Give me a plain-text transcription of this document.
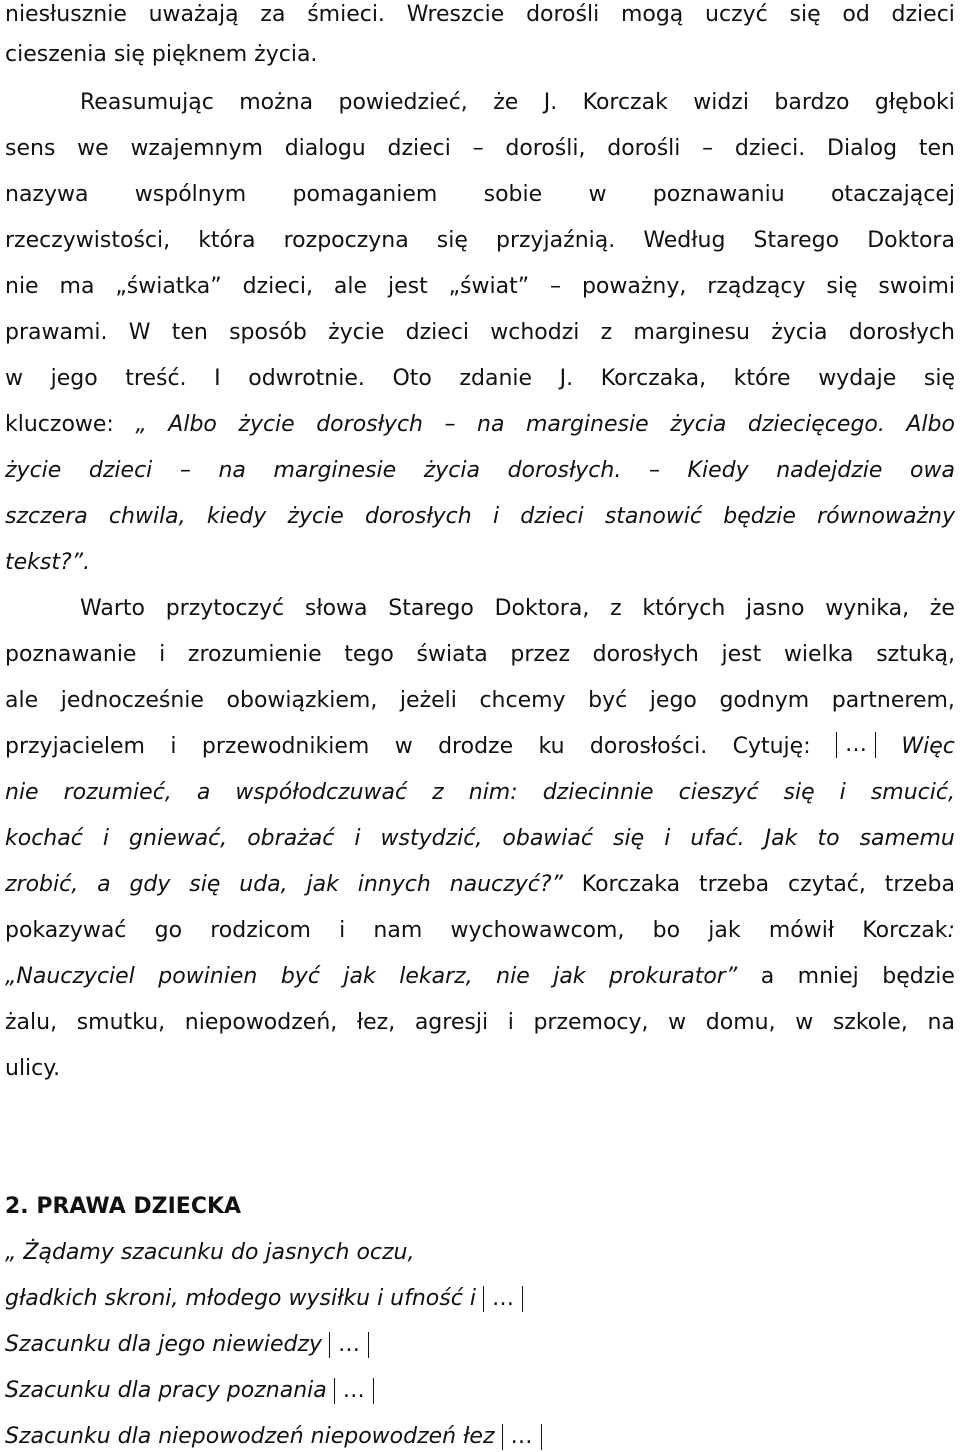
niesłusznie uważają za śmieci. Wreszcie dorośli mogą uczyć się od dzieci
cieszenia się pięknem życia.
Reasumując można powiedzieć, że J. Korczak widzi bardzo głęboki
sens we wzajemnym dialogu dzieci – dorośli, dorośli – dzieci. Dialog ten
nazywa wspólnym pomaganiem sobie w poznawaniu otaczającej
rzeczywistości, która rozpoczyna się przyjaźnią. Według Starego Doktora
nie ma „światka” dzieci, ale jest „świat” – poważny, rządzący się swoimi
prawami. W ten sposób życie dzieci wchodzi z marginesu życia dorosłych
w jego treść. I odwrotnie. Oto zdanie J. Korczaka, które wydaje się
kluczowe: „ Albo życie dorosłych – na marginesie życia dziecięcego. Albo
życie dzieci – na marginesie życia dorosłych. – Kiedy nadejdzie owa
szczera chwila, kiedy życie dorosłych i dzieci stanowić będzie równoważny
tekst?”.
Warto przytoczyć słowa Starego Doktora, z których jasno wynika, że
poznawanie i zrozumienie tego świata przez dorosłych jest wielka sztuką,
ale jednocześnie obowiązkiem, jeżeli chcemy być jego godnym partnerem,
przyjacielem i przewodnikiem w drodze ku dorosłości. Cytuję:	…	Więc
nie rozumieć, a współodczuwać z nim: dziecinnie cieszyć się i smucić,
kochać i gniewać, obrażać i wstydzić, obawiać się i ufać. Jak to samemu
zrobić, a gdy się uda, jak innych nauczyć?” Korczaka trzeba czytać, trzeba
pokazywać go rodzicom i nam wychowawcom, bo jak mówił Korczak:
„Nauczyciel powinien być jak lekarz, nie jak prokurator” a mniej będzie
żalu, smutku, niepowodzeń, łez, agresji i przemocy, w domu, w szkole, na
ulicy.
2. PRAWA DZIECKA
„ Żądamy szacunku do jasnych oczu,
gładkich skroni, młodego wysiłku i ufność i …
Szacunku dla jego niewiedzy …
Szacunku dla pracy poznania …
Szacunku dla niepowodzeń niepowodzeń łez …
